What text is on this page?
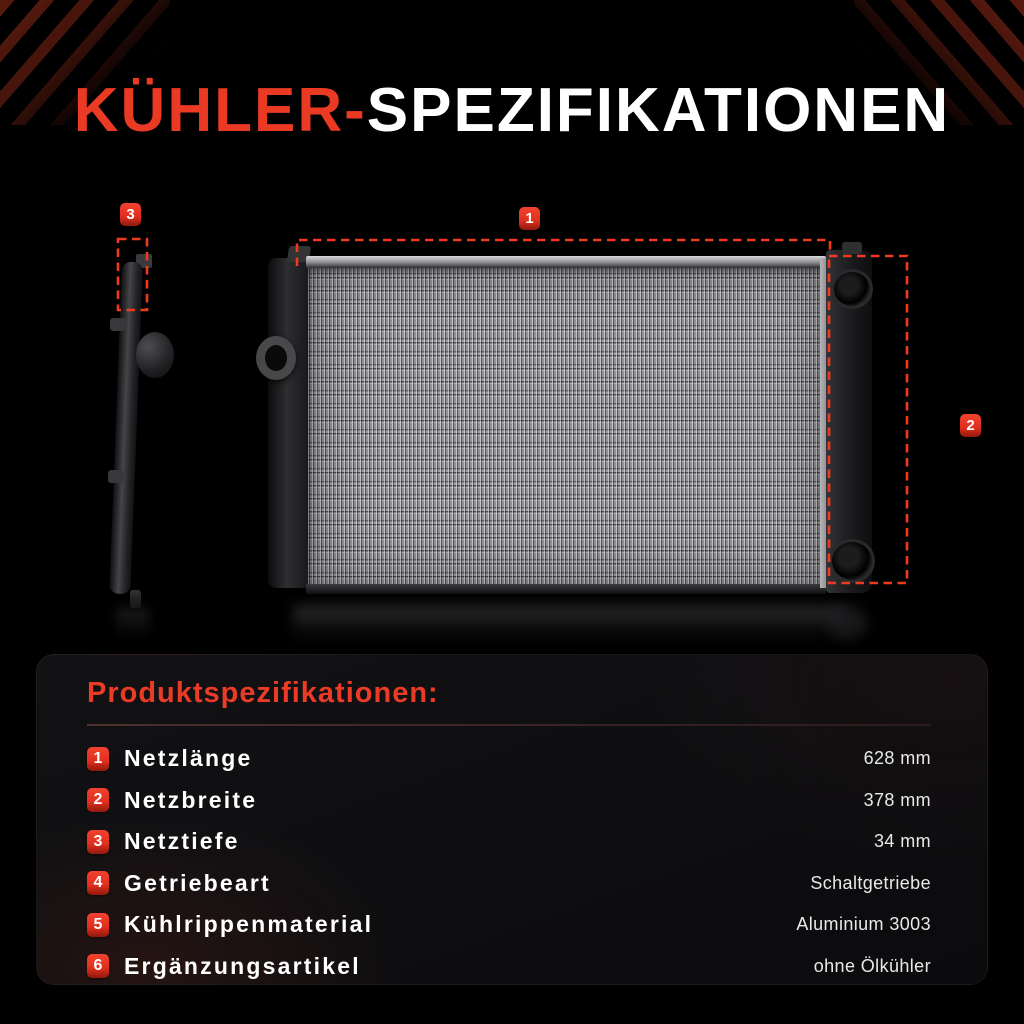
KÜHLER-SPEZIFIKATIONEN
1
2
3
Produktspezifikationen:
1 Netzlänge	628 mm
2 Netzbreite	378 mm
3 Netztiefe	34 mm
4 Getriebeart	Schaltgetriebe
5 Kühlrippenmaterial	Aluminium 3003
6 Ergänzungsartikel	ohne Ölkühler
